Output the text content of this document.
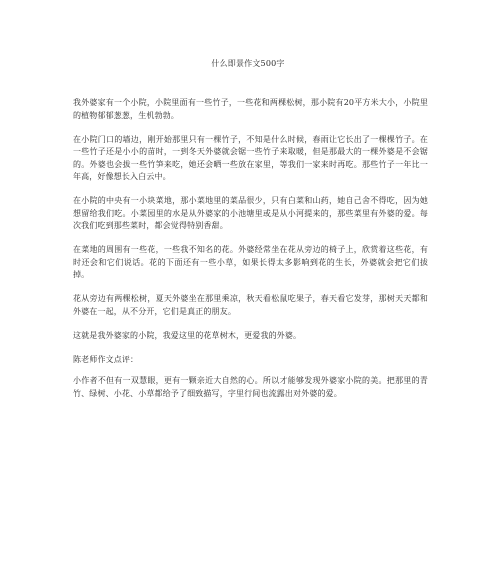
什么即景作文500字

我外婆家有一个小院，小院里面有一些竹子，一些花和两棵松树，那小院有20平方米大小，小院里的植物郁郁葱葱，生机勃勃。

在小院门口的墙边，刚开始那里只有一棵竹子，不知是什么时候，春雨让它长出了一棵棵竹子。在一些竹子还是小小的苗时，一到冬天外婆就会锯一些竹子来取暖，但是那最大的一棵外婆是不会锯的。外婆也会拔一些竹笋来吃，她还会晒一些放在家里，等我们一家来时再吃。那些竹子一年比一年高，好像想长入白云中。

在小院的中央有一小块菜地，那小菜地里的菜品很少，只有白菜和山药，她自己舍不得吃，因为她想留给我们吃。小菜园里的水是从外婆家的小池塘里或是从小河提来的，那些菜里有外婆的爱。每次我们吃到那些菜时，都会觉得特别香甜。

在菜地的周围有一些花，一些我不知名的花。外婆经常坐在花从旁边的椅子上，欣赏着这些花，有时还会和它们说话。花的下面还有一些小草，如果长得太多影响到花的生长，外婆就会把它们拔掉。

花从旁边有两棵松树，夏天外婆坐在那里乘凉，秋天看松鼠吃果子，春天看它发芽，那树天天都和外婆在一起，从不分开，它们是真正的朋友。

这就是我外婆家的小院，我爱这里的花草树木，更爱我的外婆。

陈老师作文点评：

小作者不但有一双慧眼，更有一颗亲近大自然的心。所以才能够发现外婆家小院的美。把那里的青竹、绿树、小花、小草都给予了细致描写，字里行间也流露出对外婆的爱。
